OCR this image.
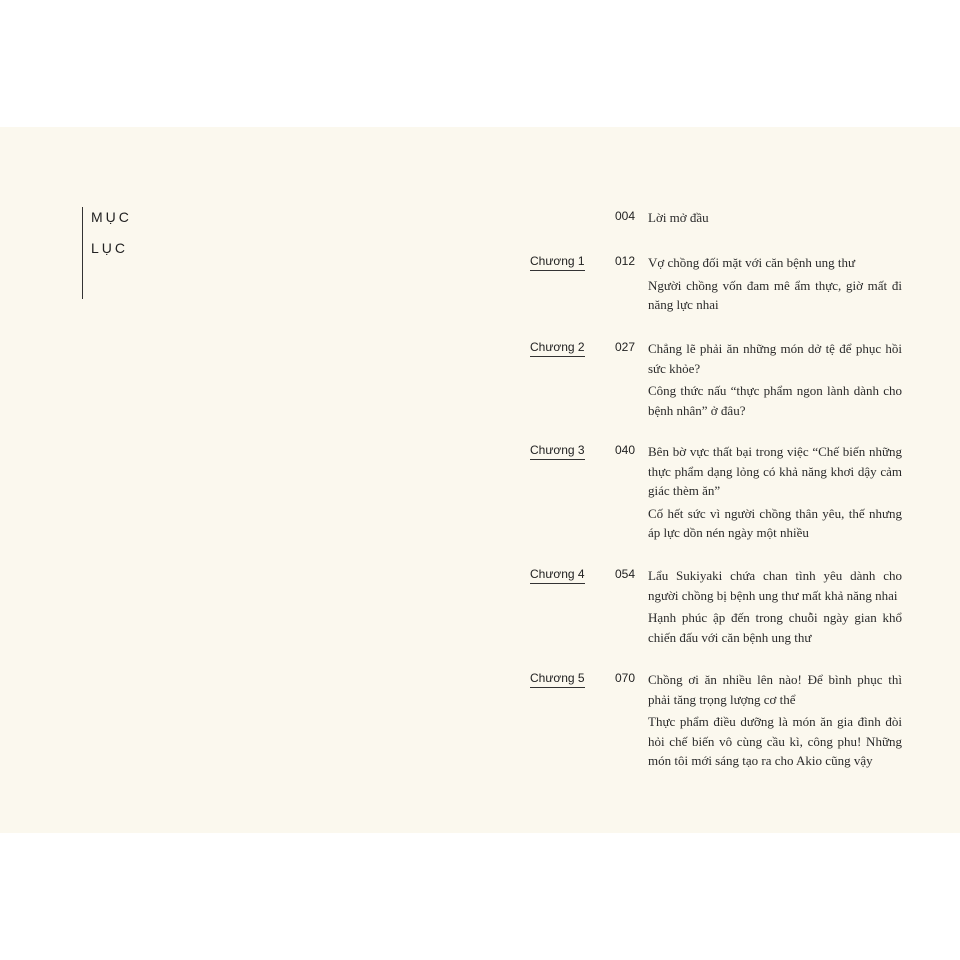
MỤC
LỤC
004 Lời mở đầu

Chương 1	012 Vợ chồng đối mặt với căn bệnh ung thư

Người chồng vốn đam mê ẩm thực, giờ mất đi năng lực nhai

Chương 2	027 Chẳng lẽ phải ăn những món dở tệ để phục hồi sức khỏe?

Công thức nấu “thực phẩm ngon lành dành cho bệnh nhân” ở đâu?

Chương 3	040 Bên bờ vực thất bại trong việc “Chế biến những thực phẩm dạng lỏng có khả năng khơi dậy cảm giác thèm ăn”

Cố hết sức vì người chồng thân yêu, thế nhưng áp lực dồn nén ngày một nhiều

Chương 4	054 Lẩu Sukiyaki chứa chan tình yêu dành cho người chồng bị bệnh ung thư mất khả năng nhai

Hạnh phúc ập đến trong chuỗi ngày gian khổ chiến đấu với căn bệnh ung thư

Chương 5	070 Chồng ơi ăn nhiều lên nào! Để bình phục thì phải tăng trọng lượng cơ thể

Thực phẩm điều dưỡng là món ăn gia đình đòi hỏi chế biến vô cùng cầu kì, công phu! Những món tôi mới sáng tạo ra cho Akio cũng vậy
